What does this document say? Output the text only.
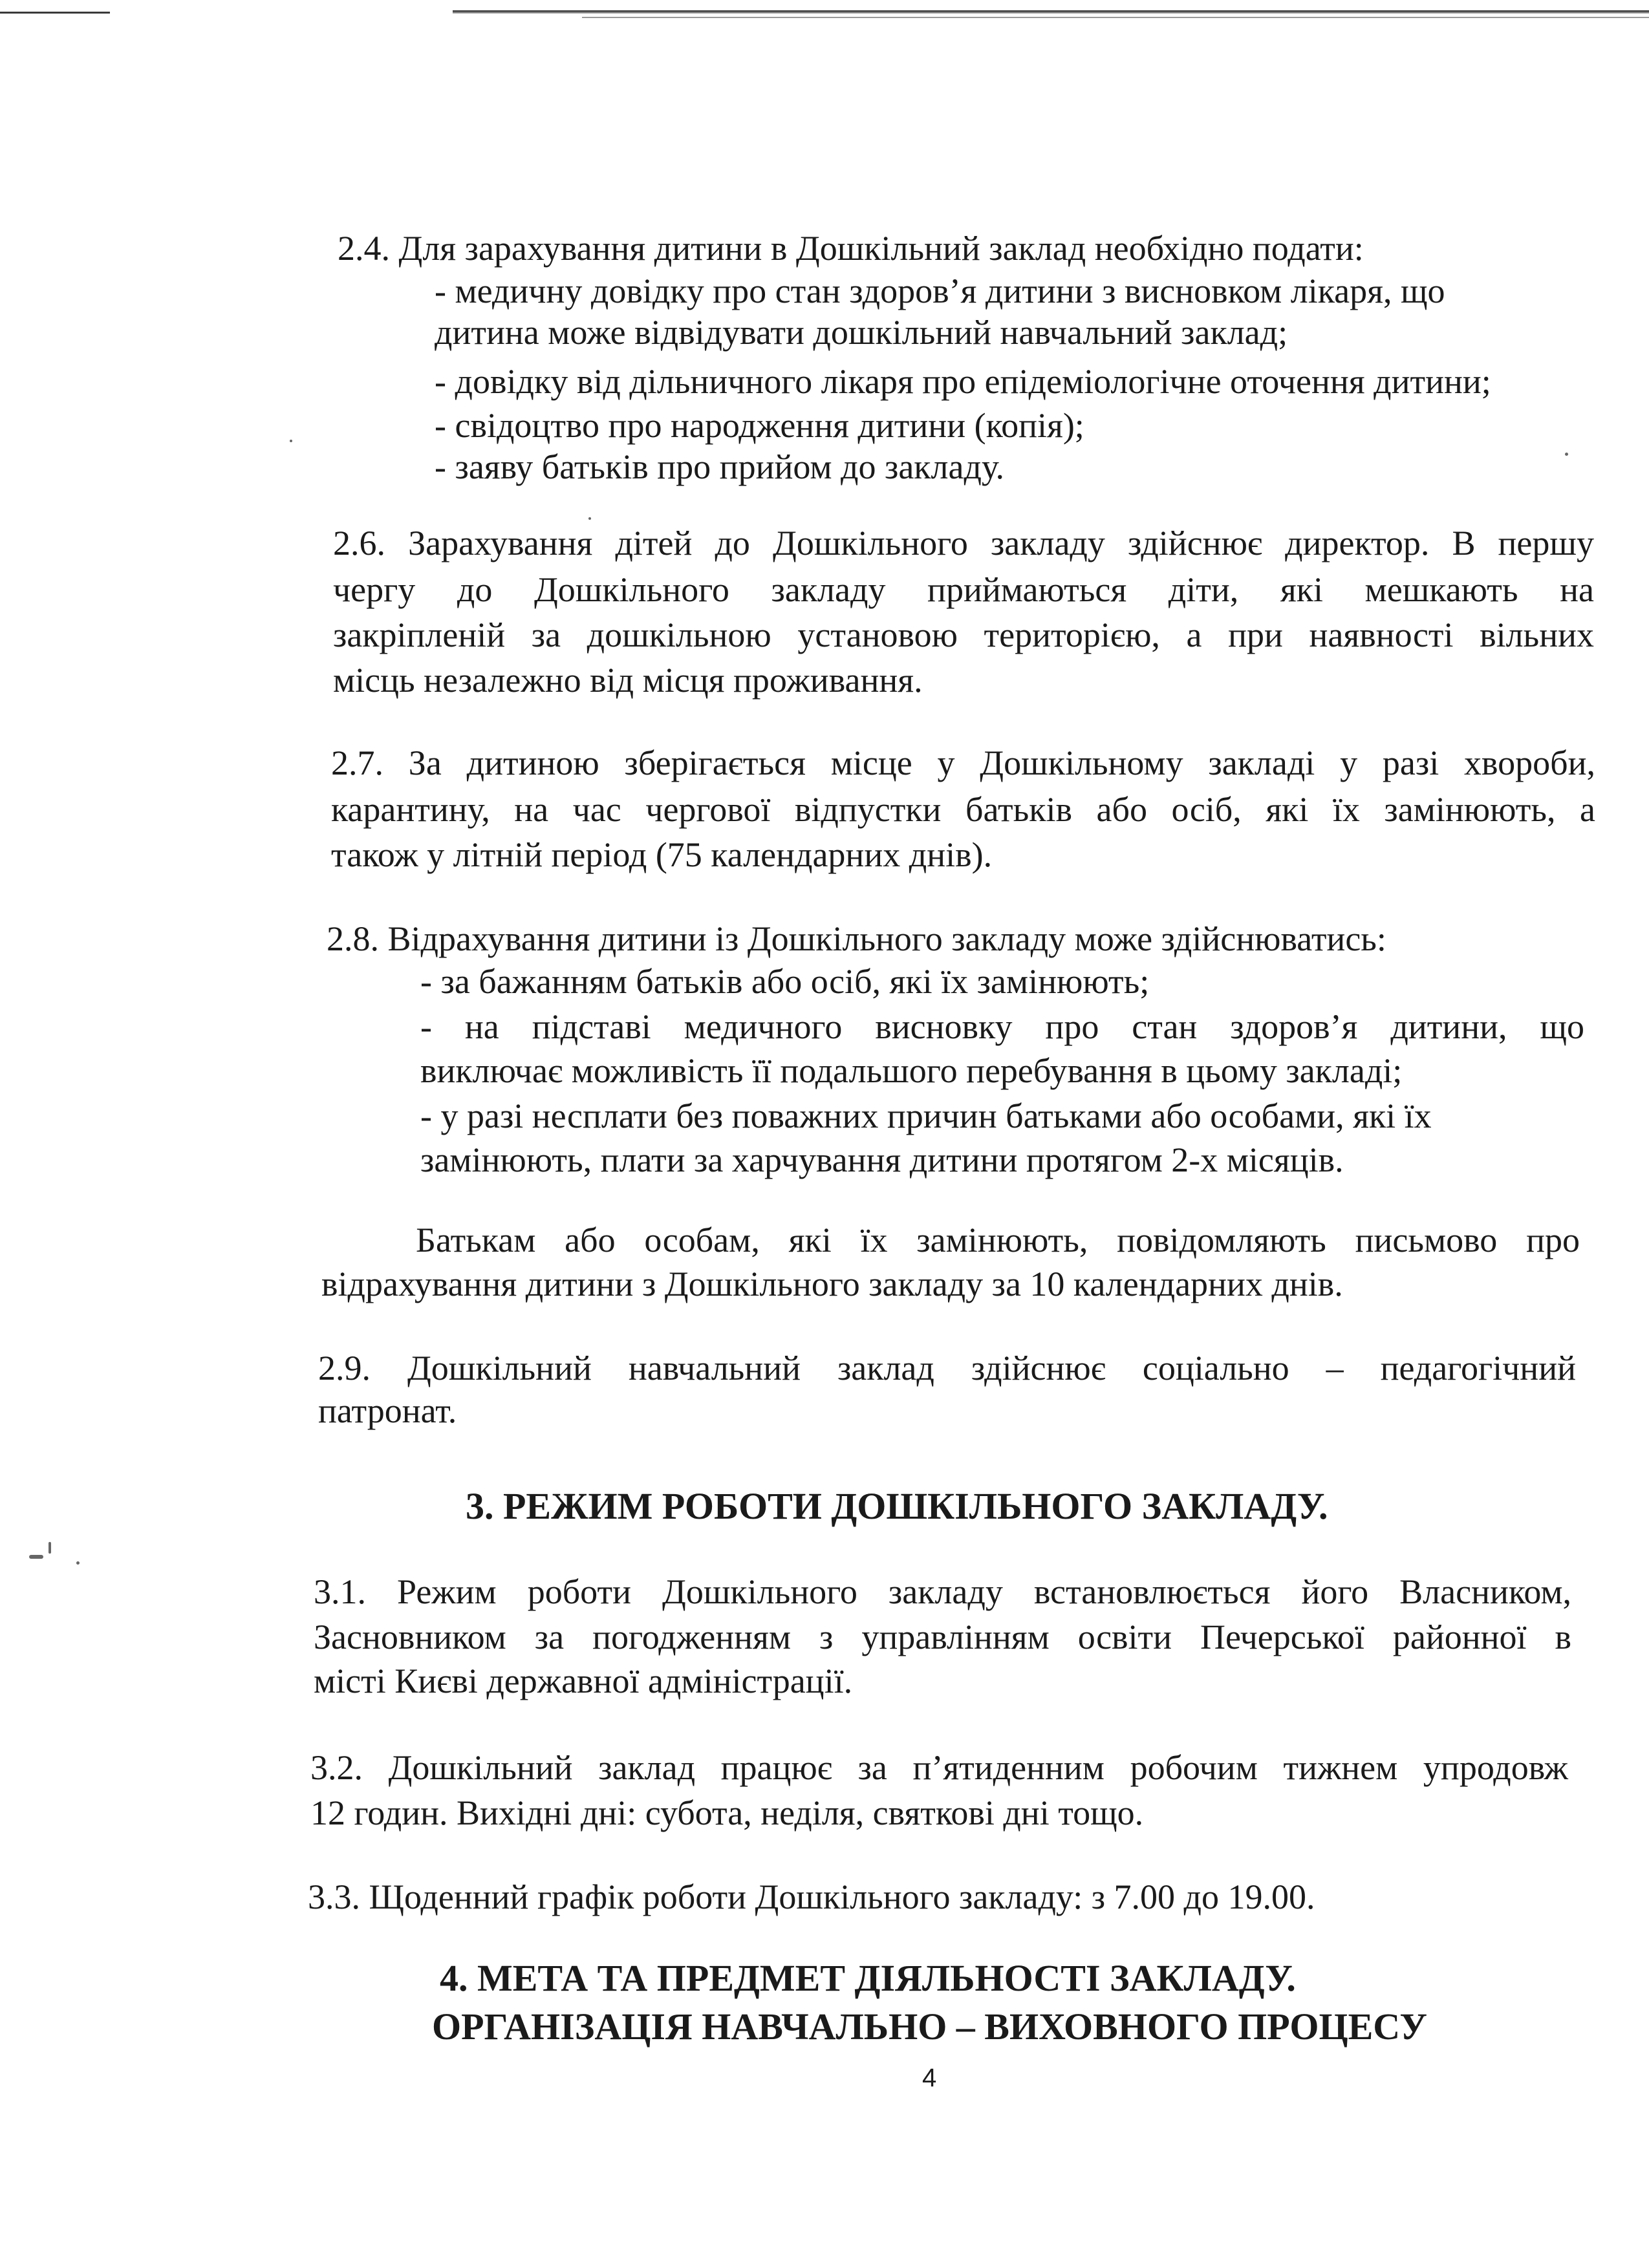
2.4. Для зарахування дитини в Дошкільний заклад необхідно подати:
- медичну довідку про стан здоров’я дитини з висновком лікаря, що
дитина може відвідувати дошкільний навчальний заклад;
- довідку від дільничного лікаря про епідеміологічне оточення дитини;
- свідоцтво про народження дитини (копія);
- заяву батьків про прийом до закладу.
2.6. Зарахування дітей до Дошкільного закладу здійснює директор. В першу
чергу до Дошкільного закладу приймаються діти, які мешкають на
закріпленій за дошкільною установою територією, а при наявності вільних
місць незалежно від місця проживання.
2.7. За дитиною зберігається місце у Дошкільному закладі у разі хвороби,
карантину, на час чергової відпустки батьків або осіб, які їх замінюють, а
також у літній період (75 календарних днів).
2.8. Відрахування дитини із Дошкільного закладу може здійснюватись:
- за бажанням батьків або осіб, які їх замінюють;
- на підставі медичного висновку про стан здоров’я дитини, що
виключає можливість її подальшого перебування в цьому закладі;
- у разі несплати без поважних причин батьками або особами, які їх
замінюють, плати за харчування дитини протягом 2-х місяців.
Батькам або особам, які їх замінюють, повідомляють письмово про
відрахування дитини з Дошкільного закладу за 10 календарних днів.
2.9. Дошкільний навчальний заклад здійснює соціально – педагогічний
патронат.
3. РЕЖИМ РОБОТИ ДОШКІЛЬНОГО ЗАКЛАДУ.
3.1. Режим роботи Дошкільного закладу встановлюється його Власником,
Засновником за погодженням з управлінням освіти Печерської районної в
місті Києві державної адміністрації.
3.2. Дошкільний заклад працює за п’ятиденним робочим тижнем упродовж
12 годин. Вихідні дні: субота, неділя, святкові дні тощо.
3.3. Щоденний графік роботи Дошкільного закладу: з 7.00 до 19.00.
4. МЕТА ТА ПРЕДМЕТ ДІЯЛЬНОСТІ ЗАКЛАДУ.
ОРГАНІЗАЦІЯ НАВЧАЛЬНО – ВИХОВНОГО ПРОЦЕСУ
4
